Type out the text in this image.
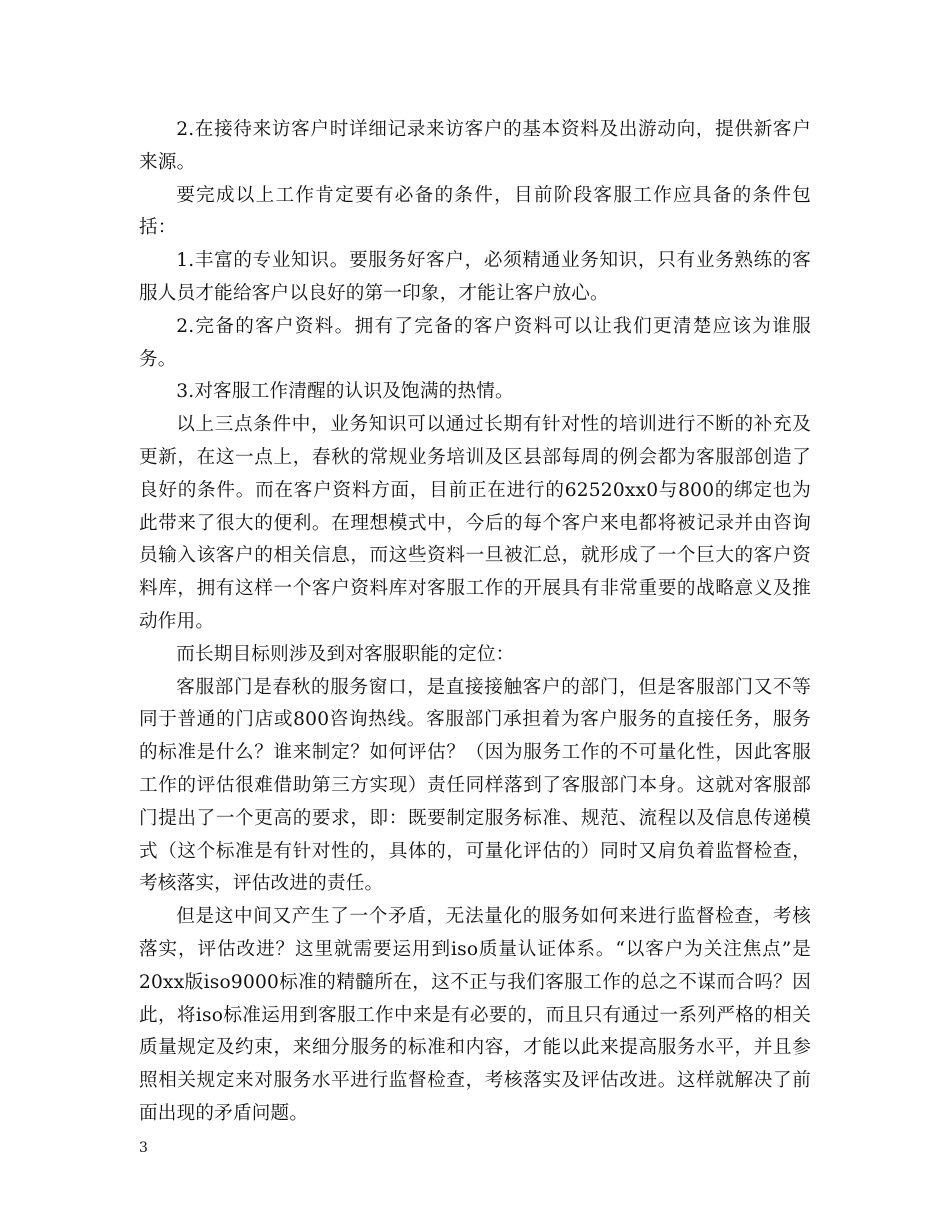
2.在接待来访客户时详细记录来访客户的基本资料及出游动向，提供新客户来源。

要完成以上工作肯定要有必备的条件，目前阶段客服工作应具备的条件包括：

1.丰富的专业知识。要服务好客户，必须精通业务知识，只有业务熟练的客服人员才能给客户以良好的第一印象，才能让客户放心。

2.完备的客户资料。拥有了完备的客户资料可以让我们更清楚应该为谁服务。

3.对客服工作清醒的认识及饱满的热情。

以上三点条件中，业务知识可以通过长期有针对性的培训进行不断的补充及更新，在这一点上，春秋的常规业务培训及区县部每周的例会都为客服部创造了良好的条件。而在客户资料方面，目前正在进行的62520xx0与800的绑定也为此带来了很大的便利。在理想模式中，今后的每个客户来电都将被记录并由咨询员输入该客户的相关信息，而这些资料一旦被汇总，就形成了一个巨大的客户资料库，拥有这样一个客户资料库对客服工作的开展具有非常重要的战略意义及推动作用。

而长期目标则涉及到对客服职能的定位：

客服部门是春秋的服务窗口，是直接接触客户的部门，但是客服部门又不等同于普通的门店或800咨询热线。客服部门承担着为客户服务的直接任务，服务的标准是什么？谁来制定？如何评估？（因为服务工作的不可量化性，因此客服工作的评估很难借助第三方实现）责任同样落到了客服部门本身。这就对客服部门提出了一个更高的要求，即：既要制定服务标准、规范、流程以及信息传递模式（这个标准是有针对性的，具体的，可量化评估的）同时又肩负着监督检查，考核落实，评估改进的责任。

但是这中间又产生了一个矛盾，无法量化的服务如何来进行监督检查，考核落实，评估改进？这里就需要运用到iso质量认证体系。“以客户为关注焦点”是20xx版iso9000标准的精髓所在，这不正与我们客服工作的总之不谋而合吗？因此，将iso标准运用到客服工作中来是有必要的，而且只有通过一系列严格的相关质量规定及约束，来细分服务的标准和内容，才能以此来提高服务水平，并且参照相关规定来对服务水平进行监督检查，考核落实及评估改进。这样就解决了前面出现的矛盾问题。

3
